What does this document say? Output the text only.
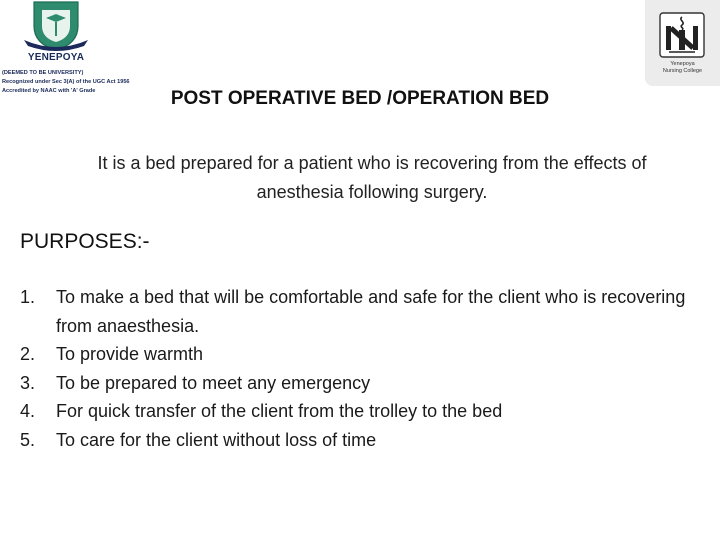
YENEPOYA
(DEEMED TO BE UNIVERSITY)
Recognized under Sec 3(A) of the UGC Act 1956
Accredited by NAAC with 'A' Grade
Yenepoya
Nursing College
POST OPERATIVE BED /OPERATION BED
It is a bed prepared for a patient who is recovering from the effects of anesthesia following surgery.
PURPOSES:-
1. To make a bed that will be comfortable and safe for the client who is recovering from anaesthesia.
2. To provide warmth
3. To be prepared to meet any emergency
4. For quick transfer of the client from the trolley to the bed
5. To care for the client without loss of time
